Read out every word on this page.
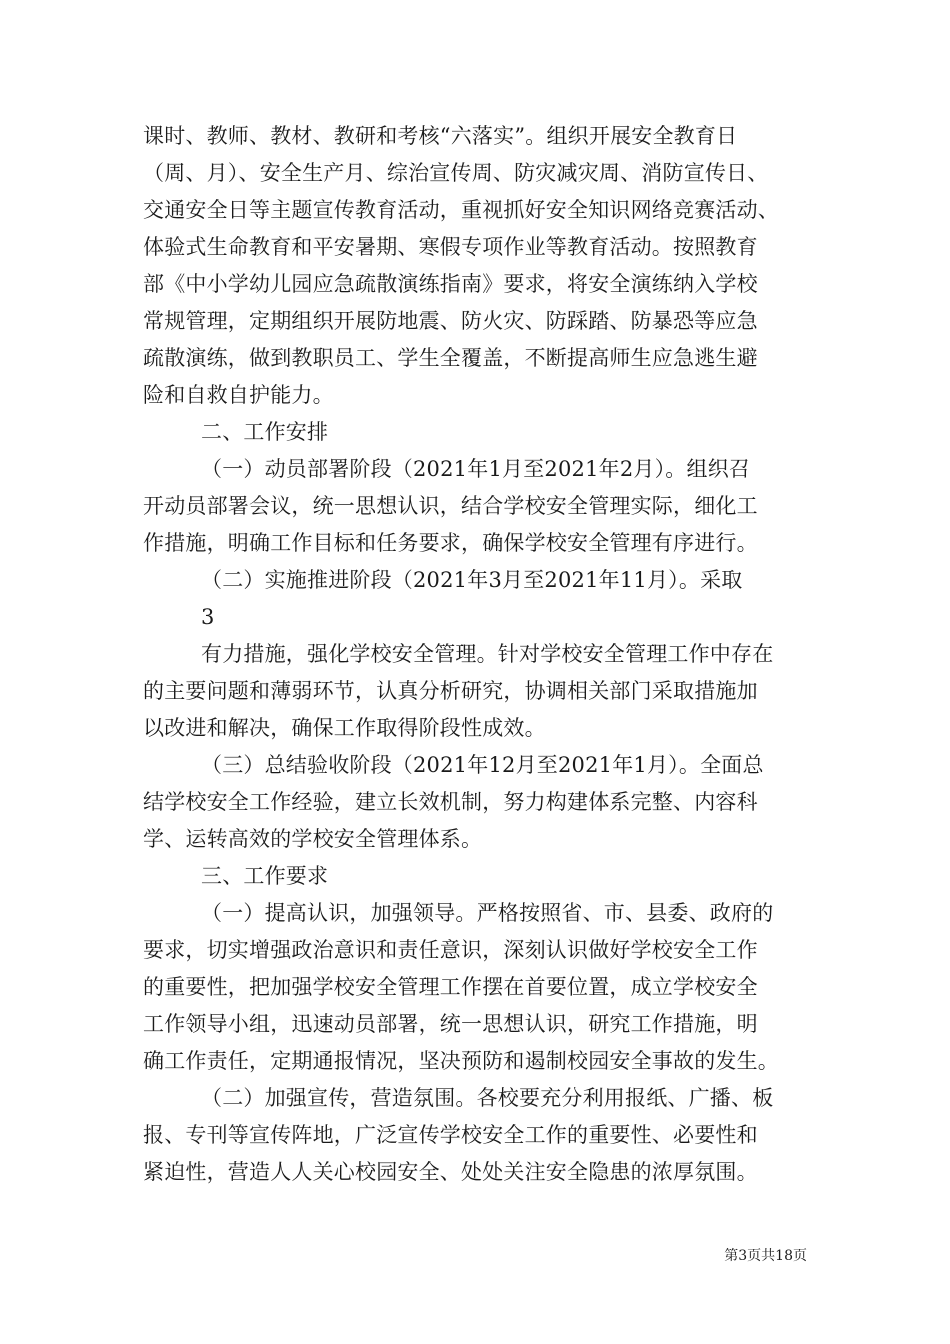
课时、教师、教材、教研和考核“六落实”。组织开展安全教育日
（周、月）、安全生产月、综治宣传周、防灾减灾周、消防宣传日、
交通安全日等主题宣传教育活动，重视抓好安全知识网络竞赛活动、
体验式生命教育和平安暑期、寒假专项作业等教育活动。按照教育
部《中小学幼儿园应急疏散演练指南》要求，将安全演练纳入学校
常规管理，定期组织开展防地震、防火灾、防踩踏、防暴恐等应急
疏散演练，做到教职员工、学生全覆盖，不断提高师生应急逃生避
险和自救自护能力。
二、工作安排
（一）动员部署阶段（2021年1月至2021年2月）。组织召
开动员部署会议，统一思想认识，结合学校安全管理实际，细化工
作措施，明确工作目标和任务要求，确保学校安全管理有序进行。
（二）实施推进阶段（2021年3月至2021年11月）。采取
3
有力措施，强化学校安全管理。针对学校安全管理工作中存在
的主要问题和薄弱环节，认真分析研究，协调相关部门采取措施加
以改进和解决，确保工作取得阶段性成效。
（三）总结验收阶段（2021年12月至2021年1月）。全面总
结学校安全工作经验，建立长效机制，努力构建体系完整、内容科
学、运转高效的学校安全管理体系。
三、工作要求
（一）提高认识，加强领导。严格按照省、市、县委、政府的
要求，切实增强政治意识和责任意识，深刻认识做好学校安全工作
的重要性，把加强学校安全管理工作摆在首要位置，成立学校安全
工作领导小组，迅速动员部署，统一思想认识，研究工作措施，明
确工作责任，定期通报情况，坚决预防和遏制校园安全事故的发生。
（二）加强宣传，营造氛围。各校要充分利用报纸、广播、板
报、专刊等宣传阵地，广泛宣传学校安全工作的重要性、必要性和
紧迫性，营造人人关心校园安全、处处关注安全隐患的浓厚氛围。
第3页共18页
